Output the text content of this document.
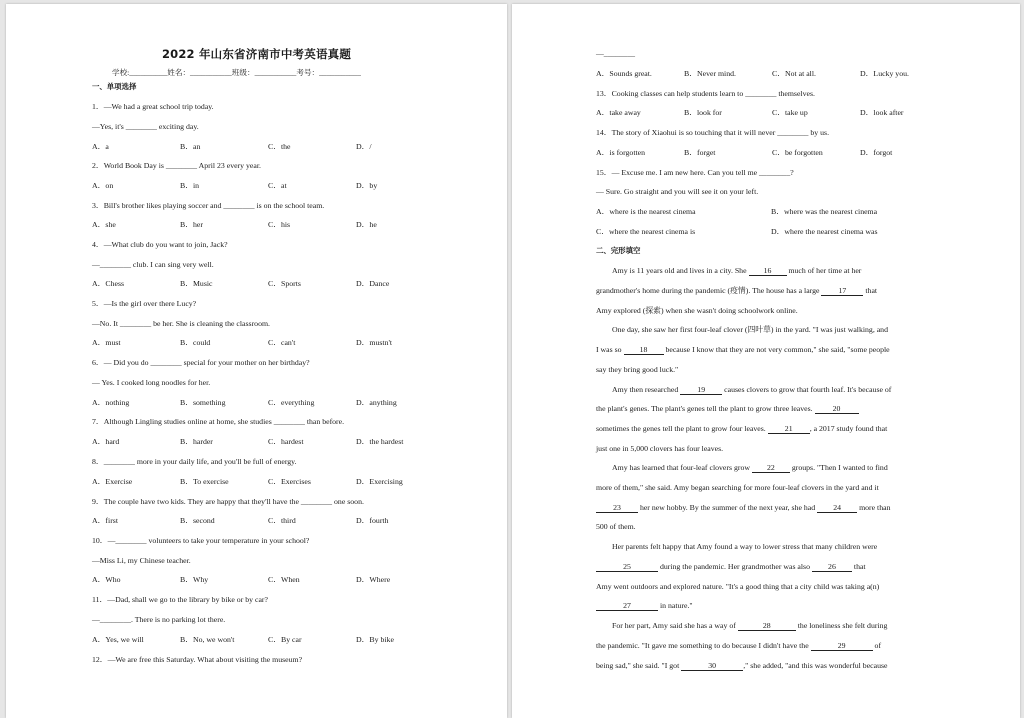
2022 年山东省济南市中考英语真题
学校:__________姓名：___________班级：___________考号：___________
一、单项选择
1．—We had a great school trip today.
—Yes, it's ________ exciting day.
A．a	B．an	C．the	D．/
2．World Book Day is ________ April 23 every year.
A．on	B．in	C．at	D．by
3．Bill's brother likes playing soccer and ________ is on the school team.
A．she	B．her	C．his	D．he
4．—What club do you want to join, Jack?
—________ club. I can sing very well.
A．Chess	B．Music	C．Sports	D．Dance
5．—Is the girl over there Lucy?
—No. It ________ be her. She is cleaning the classroom.
A．must	B．could	C．can't	D．mustn't
6．— Did you do ________ special for your mother on her birthday?
— Yes. I cooked long noodles for her.
A．nothing	B．something	C．everything	D．anything
7．Although Lingling studies online at home, she studies ________ than before.
A．hard	B．harder	C．hardest	D．the hardest
8．________ more in your daily life, and you'll be full of energy.
A．Exercise	B．To exercise	C．Exercises	D．Exercising
9．The couple have two kids. They are happy that they'll have the ________ one soon.
A．first	B．second	C．third	D．fourth
10．—________ volunteers to take your temperature in your school?
—Miss Li, my Chinese teacher.
A．Who	B．Why	C．When	D．Where
11．—Dad, shall we go to the library by bike or by car?
—________. There is no parking lot there.
A．Yes, we will	B．No, we won't	C．By car	D．By bike
12．—We are free this Saturday. What about visiting the museum?
—________
A．Sounds great.	B．Never mind.	C．Not at all.	D．Lucky you.
13．Cooking classes can help students learn to ________ themselves.
A．take away	B．look for	C．take up	D．look after
14．The story of Xiaohui is so touching that it will never ________ by us.
A．is forgotten	B．forget	C．be forgotten	D．forgot
15．— Excuse me. I am new here. Can you tell me ________?
— Sure. Go straight and you will see it on your left.
A．where is the nearest cinema	B．where was the nearest cinema
C．where the nearest cinema is	D．where the nearest cinema was
二、完形填空
Amy is 11 years old and lives in a city. She 16 much of her time at her
grandmother's home during the pandemic (疫情). The house has a large 17 that
Amy explored (探索) when she wasn't doing schoolwork online.
One day, she saw her first four-leaf clover (四叶草) in the yard. "I was just walking, and
I was so 18 because I know that they are not very common," she said, "some people
say they bring good luck."
Amy then researched 19 causes clovers to grow that fourth leaf. It's because of
the plant's genes. The plant's genes tell the plant to grow three leaves. 20
sometimes the genes tell the plant to grow four leaves. 21 , a 2017 study found that
just one in 5,000 clovers has four leaves.
Amy has learned that four-leaf clovers grow 22 groups. "Then I wanted to find
more of them," she said. Amy began searching for more four-leaf clovers in the yard and it
23 her new hobby. By the summer of the next year, she had 24 more than
500 of them.
Her parents felt happy that Amy found a way to lower stress that many children were
25	during the pandemic. Her grandmother was also 26 that
Amy went outdoors and explored nature. "It's a good thing that a city child was taking a(n)
27	in nature."
For her part, Amy said she has a way of	28	the loneliness she felt during
the pandemic. "It gave me something to do because I didn't have the	29	of
being sad," she said. "I got	30	," she added, "and this was wonderful because
